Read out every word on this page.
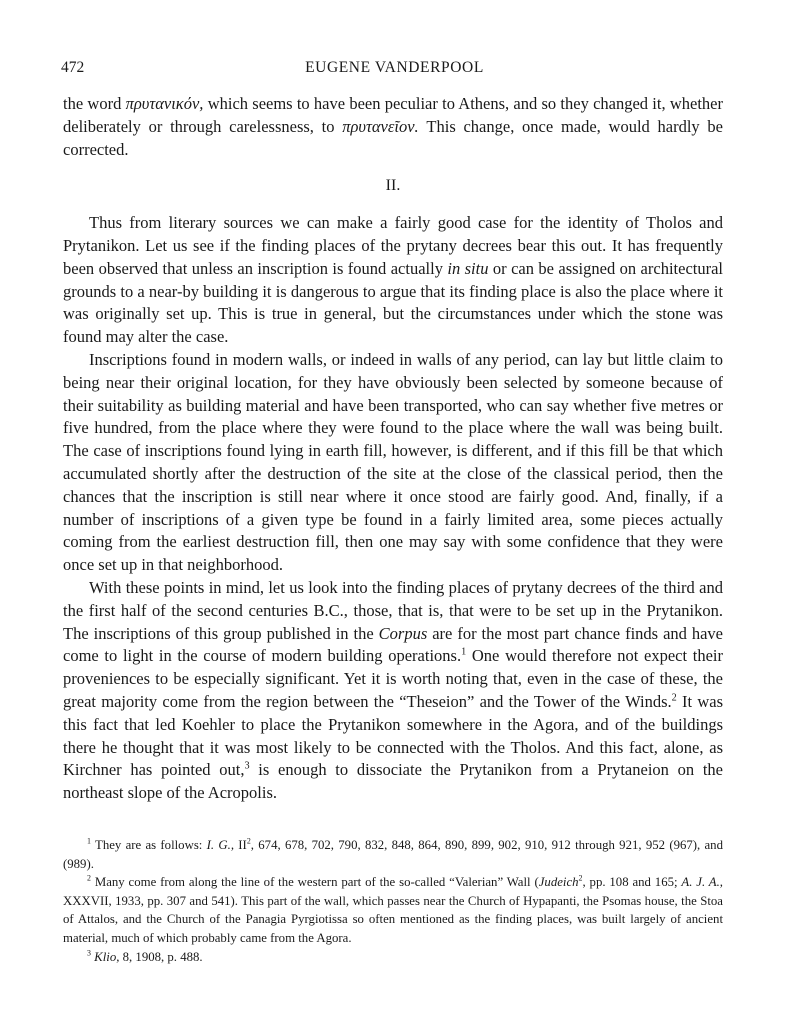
472	EUGENE VANDERPOOL

the word πρυτανικόν, which seems to have been peculiar to Athens, and so they changed it, whether deliberately or through carelessness, to πρυτανεῖον. This change, once made, would hardly be corrected.

II.

Thus from literary sources we can make a fairly good case for the identity of Tholos and Prytanikon. Let us see if the finding places of the prytany decrees bear this out. It has frequently been observed that unless an inscription is found actually in situ or can be assigned on architectural grounds to a near-by building it is dangerous to argue that its finding place is also the place where it was originally set up. This is true in general, but the circumstances under which the stone was found may alter the case.

Inscriptions found in modern walls, or indeed in walls of any period, can lay but little claim to being near their original location, for they have obviously been selected by someone because of their suitability as building material and have been transported, who can say whether five metres or five hundred, from the place where they were found to the place where the wall was being built. The case of inscriptions found lying in earth fill, however, is different, and if this fill be that which accumulated shortly after the destruction of the site at the close of the classical period, then the chances that the inscription is still near where it once stood are fairly good. And, finally, if a number of inscriptions of a given type be found in a fairly limited area, some pieces actually coming from the earliest destruction fill, then one may say with some confidence that they were once set up in that neighborhood.

With these points in mind, let us look into the finding places of prytany decrees of the third and the first half of the second centuries B.C., those, that is, that were to be set up in the Prytanikon. The inscriptions of this group published in the Corpus are for the most part chance finds and have come to light in the course of modern building operations.$^1$ One would therefore not expect their proveniences to be especially significant. Yet it is worth noting that, even in the case of these, the great majority come from the region between the “Theseion” and the Tower of the Winds.$^2$ It was this fact that led Koehler to place the Prytanikon somewhere in the Agora, and of the buildings there he thought that it was most likely to be connected with the Tholos. And this fact, alone, as Kirchner has pointed out,$^3$ is enough to dissociate the Prytanikon from a Prytaneion on the northeast slope of the Acropolis.

$^1$ They are as follows: I. G., $II^2$, 674, 678, 702, 790, 832, 848, 864, 890, 899, 902, 910, 912 through 921, 952 (967), and (989).

$^2$ Many come from along the line of the western part of the so-called “Valerian” Wall (Judeich$^2$, pp. 108 and 165; A. J. A., XXXVII, 1933, pp. 307 and 541). This part of the wall, which passes near the Church of Hypapanti, the Psomas house, the Stoa of Attalos, and the Church of the Panagia Pyrgiotissa so often mentioned as the finding places, was built largely of ancient material, much of which probably came from the Agora.

$^3$ Klio, 8, 1908, p. 488.
